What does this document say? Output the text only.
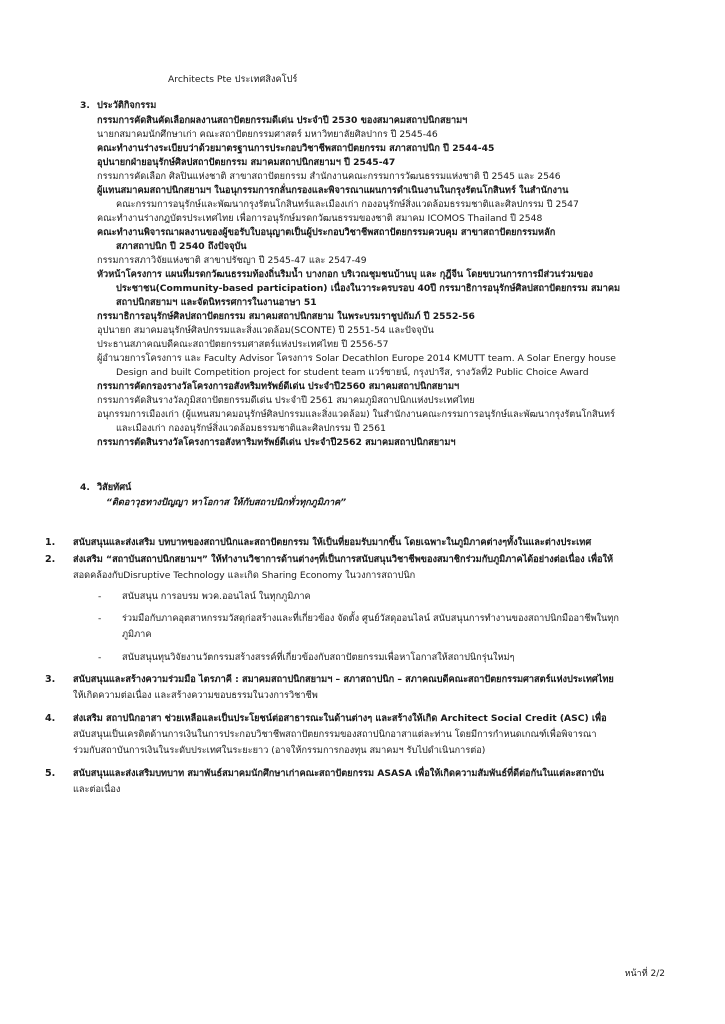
Architects Pte ประเทศสิงคโปร์
3. ประวัติกิจกรรม
กรรมการคัดสินคัดเลือกผลงานสถาปัตยกรรมดีเด่น ประจำปี 2530 ของสมาคมสถาปนิกสยามฯ
นายกสมาคมนักศึกษาเก่า คณะสถาปัตยกรรมศาสตร์ มหาวิทยาลัยศิลปากร ปี 2545-46
คณะทำงานร่างระเบียบว่าด้วยมาตรฐานการประกอบวิชาชีพสถาปัตยกรรม สภาสถาปนิก ปี 2544-45
อุปนายกฝ่ายอนุรักษ์ศิลปสถาปัตยกรรม สมาคมสถาปนิกสยามฯ ปี 2545-47
กรรมการคัดเลือก ศิลปินแห่งชาติ สาขาสถาปัตยกรรม สำนักงานคณะกรรมการวัฒนธรรมแห่งชาติ ปี 2545 และ 2546
ผู้แทนสมาคมสถาปนิกสยามฯ ในอนุกรรมการกลั่นกรองและพิจารณาแผนการดำเนินงานในกรุงรัตนโกสินทร์ ในสำนักงาน
คณะกรรมการอนุรักษ์และพัฒนากรุงรัตนโกสินทร์และเมืองเก่า กองอนุรักษ์สิ่งแวดล้อมธรรมชาติและศิลปกรรม ปี 2547
คณะทำงานร่างกฎบัตรประเทศไทย เพื่อการอนุรักษ์มรดกวัฒนธรรมของชาติ สมาคม ICOMOS Thailand ปี 2548
คณะทำงานพิจารณาผลงานของผู้ขอรับใบอนุญาตเป็นผู้ประกอบวิชาชีพสถาปัตยกรรมควบคุม สาขาสถาปัตยกรรมหลัก
สภาสถาปนิก ปี 2540 ถึงปัจจุบัน
กรรมการสภาวิจัยแห่งชาติ สาขาปรัชญา ปี 2545-47 และ 2547-49
หัวหน้าโครงการ แผนที่มรดกวัฒนธรรมท้องถิ่นริมน้ำ บางกอก บริเวณชุมชนบ้านบุ และ กุฎีจีน โดยขบวนการการมีส่วนร่วมของ
ประชาชน(Community-based participation) เนื่องในวาระครบรอบ 40ปี กรรมาธิการอนุรักษ์ศิลปสถาปัตยกรรม สมาคม
สถาปนิกสยามฯ และจัดนิทรรศการในงานอาษา 51
กรรมาธิการอนุรักษ์ศิลปสถาปัตยกรรม สมาคมสถาปนิกสยาม ในพระบรมราชูปถัมภ์ ปี 2552-56
อุปนายก สมาคมอนุรักษ์ศิลปกรรมและสิ่งแวดล้อม(SCONTE) ปี 2551-54 และปัจจุบัน
ประธานสภาคณบดีคณะสถาปัตยกรรมศาสตร์แห่งประเทศไทย ปี 2556-57
ผู้อำนวยการโครงการ และ Faculty Advisor โครงการ Solar Decathlon Europe 2014 KMUTT team. A Solar Energy house
Design and built Competition project for student team แวร์ซายน์, กรุงปารีส, รางวัลที่2 Public Choice Award
กรรมการคัดกรองรางวัลโครงการอสังหริมทรัพย์ดีเด่น ประจำปี2560 สมาคมสถาปนิกสยามฯ
กรรมการคัดสินรางวัลภูมิสถาปัตยกรรมดีเด่น ประจำปี 2561 สมาคมภูมิสถาปนิกแห่งประเทศไทย
อนุกรรมการเมืองเก่า (ผู้แทนสมาคมอนุรักษ์ศิลปกรรมและสิ่งแวดล้อม) ในสำนักงานคณะกรรมการอนุรักษ์และพัฒนากรุงรัตนโกสินทร์
และเมืองเก่า กองอนุรักษ์สิ่งแวดล้อมธรรมชาติและศิลปกรรม ปี 2561
กรรมการตัดสินรางวัลโครงการอสังหาริมทรัพย์ดีเด่น ประจำปี2562 สมาคมสถาปนิกสยามฯ
4. วิสัยทัศน์
“ติดอาวุธทางปัญญา หาโอกาส ให้กับสถาปนิกทั่วทุกภูมิภาค”
1. สนับสนุนและส่งเสริม บทบาทของสถาปนิกและสถาปัตยกรรม ให้เป็นที่ยอมรับมากขึ้น โดยเฉพาะในภูมิภาคต่างๆทั้งในและต่างประเทศ
2. ส่งเสริม “สถาบันสถาปนิกสยามฯ” ให้ทำงานวิชาการด้านต่างๆที่เป็นการสนับสนุนวิชาชีพของสมาชิกร่วมกับภูมิภาคได้อย่างต่อเนื่อง เพื่อให้
สอดคล้องกับDisruptive Technology และเกิด Sharing Economy ในวงการสถาปนิก
- สนับสนุน การอบรม พวค.ออนไลน์ ในทุกภูมิภาค
- ร่วมมือกับภาคอุตสาหกรรมวัสดุก่อสร้างและที่เกี่ยวข้อง จัดตั้ง ศูนย์วัสดุออนไลน์ สนับสนุนการทำงานของสถาปนิกมืออาชีพในทุก
ภูมิภาค
- สนับสนุนทุนวิจัยงานวัตกรรมสร้างสรรค์ที่เกี่ยวข้องกับสถาปัตยกรรมเพื่อหาโอกาสให้สถาปนิกรุ่นใหม่ๆ
3. สนับสนุนและสร้างความร่วมมือ ไตรภาคี : สมาคมสถาปนิกสยามฯ – สภาสถาปนิก – สภาคณบดีคณะสถาปัตยกรรมศาสตร์แห่งประเทศไทย
ให้เกิดความต่อเนื่อง และสร้างความขอบธรรมในวงการวิชาชีพ
4. ส่งเสริม สถาปนิกอาสา ช่วยเหลือและเป็นประโยชน์ต่อสาธารณะในด้านต่างๆ และสร้างให้เกิด Architect Social Credit (ASC) เพื่อ
สนับสนุนเป็นเครดิตด้านการเงินในการประกอบวิชาชีพสถาปัตยกรรมของสถาปนิกอาสาแต่ละท่าน โดยมีการกำหนดเกณฑ์เพื่อพิจารณา
ร่วมกับสถาบันการเงินในระดับประเทศในระยะยาว (อาจให้กรรมการกองทุน สมาคมฯ รับไปดำเนินการต่อ)
5. สนับสนุนและส่งเสริมบทบาท สมาพันธ์สมาคมนักศึกษาเก่าคณะสถาปัตยกรรม ASASA เพื่อให้เกิดความสัมพันธ์ที่ดีต่อกันในแต่ละสถาบัน
และต่อเนื่อง
หน้าที่ 2/2
